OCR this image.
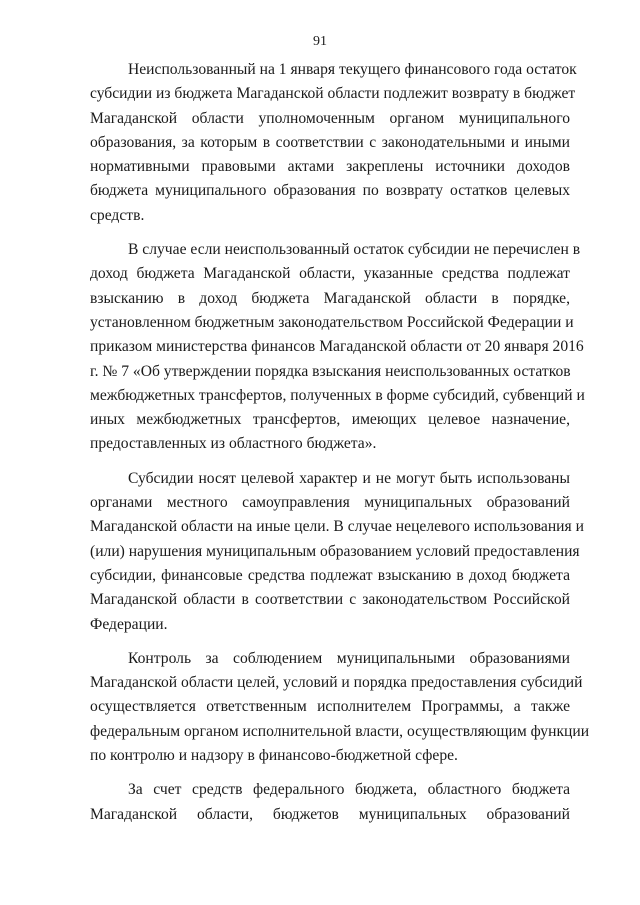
91
Неиспользованный на 1 января текущего финансового года остаток
субсидии из бюджета Магаданской области подлежит возврату в бюджет
Магаданской области уполномоченным органом муниципального
образования, за которым в соответствии с законодательными и иными
нормативными правовыми актами закреплены источники доходов
бюджета муниципального образования по возврату остатков целевых
средств.
В случае если неиспользованный остаток субсидии не перечислен в
доход бюджета Магаданской области, указанные средства подлежат
взысканию в доход бюджета Магаданской области в порядке,
установленном бюджетным законодательством Российской Федерации и
приказом министерства финансов Магаданской области от 20 января 2016
г. № 7 «Об утверждении порядка взыскания неиспользованных остатков
межбюджетных трансфертов, полученных в форме субсидий, субвенций и
иных межбюджетных трансфертов, имеющих целевое назначение,
предоставленных из областного бюджета».
Субсидии носят целевой характер и не могут быть использованы
органами местного самоуправления муниципальных образований
Магаданской области на иные цели. В случае нецелевого использования и
(или) нарушения муниципальным образованием условий предоставления
субсидии, финансовые средства подлежат взысканию в доход бюджета
Магаданской области в соответствии с законодательством Российской
Федерации.
Контроль за соблюдением муниципальными образованиями
Магаданской области целей, условий и порядка предоставления субсидий
осуществляется ответственным исполнителем Программы, а также
федеральным органом исполнительной власти, осуществляющим функции
по контролю и надзору в финансово-бюджетной сфере.
За счет средств федерального бюджета, областного бюджета
Магаданской области, бюджетов муниципальных образований
